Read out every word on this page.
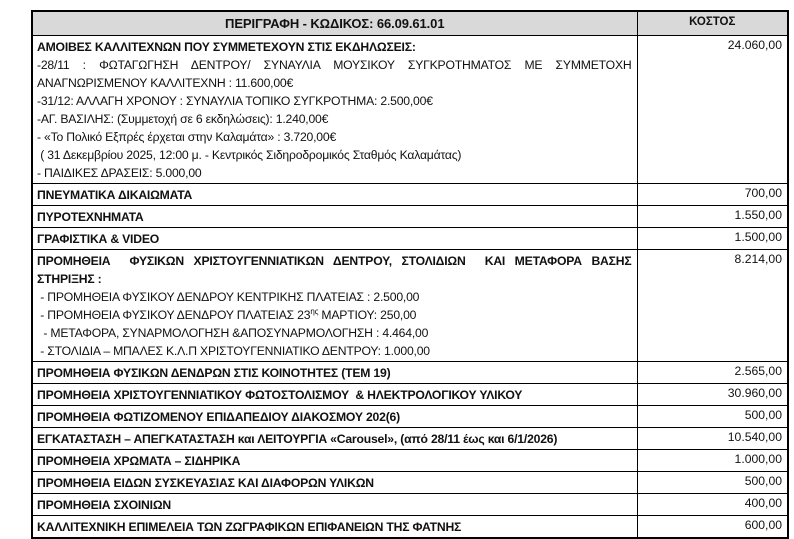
ΠΕΡΙΓΡΑΦΗ - ΚΩΔΙΚΟΣ: 66.09.61.01	ΚΟΣΤΟΣ

ΑΜΟΙΒΕΣ ΚΑΛΛΙΤΕΧΝΩΝ ΠΟΥ ΣΥΜΜΕΤΕΧΟΥΝ ΣΤΙΣ ΕΚΔΗΛΩΣΕΙΣ:
-28/11 : ΦΩΤΑΓΩΓΗΣΗ ΔΕΝΤΡΟΥ/ ΣΥΝΑΥΛΙΑ ΜΟΥΣΙΚΟΥ ΣΥΓΚΡΟΤΗΜΑΤΟΣ ΜΕ ΣΥΜΜΕΤΟΧΗ ΑΝΑΓΝΩΡΙΣΜΕΝΟΥ ΚΑΛΛΙΤΕΧΝΗ : 11.600,00€
-31/12: ΑΛΛΑΓΗ ΧΡΟΝΟΥ : ΣΥΝΑΥΛΙΑ ΤΟΠΙΚΟ ΣΥΓΚΡΟΤΗΜΑ: 2.500,00€
-ΑΓ. ΒΑΣΙΛΗΣ: (Συμμετοχή σε 6 εκδηλώσεις): 1.240,00€
- «Το Πολικό Εξπρές έρχεται στην Καλαμάτα» : 3.720,00€
( 31 Δεκεμβρίου 2025, 12:00 μ. - Κεντρικός Σιδηροδρομικός Σταθμός Καλαμάτας)
- ΠΑΙΔΙΚΕΣ ΔΡΑΣΕΙΣ: 5.000,00
	24.060,00

ΠΝΕΥΜΑΤΙΚΑ ΔΙΚΑΙΩΜΑΤΑ	700,00

ΠΥΡΟΤΕΧΝΗΜΑΤΑ	1.550,00

ΓΡΑΦΙΣΤΙΚΑ & VIDEO	1.500,00

ΠΡΟΜΗΘΕΙΑ  ΦΥΣΙΚΩΝ ΧΡΙΣΤΟΥΓΕΝΝΙΑΤΙΚΩΝ ΔΕΝΤΡΟΥ, ΣΤΟΛΙΔΙΩΝ  ΚΑΙ ΜΕΤΑΦΟΡΑ ΒΑΣΗΣ ΣΤΗΡΙΞΗΣ :
- ΠΡΟΜΗΘΕΙΑ ΦΥΣΙΚΟΥ ΔΕΝΔΡΟΥ ΚΕΝΤΡΙΚΗΣ ΠΛΑΤΕΙΑΣ : 2.500,00
- ΠΡΟΜΗΘΕΙΑ ΦΥΣΙΚΟΥ ΔΕΝΔΡΟΥ ΠΛΑΤΕΙΑΣ $23^{\eta\varsigma}$ ΜΑΡΤΙΟΥ: 250,00
- ΜΕΤΑΦΟΡΑ, ΣΥΝΑΡΜΟΛΟΓΗΣΗ &ΑΠΟΣΥΝΑΡΜΟΛΟΓΗΣΗ : 4.464,00
- ΣΤΟΛΙΔΙΑ – ΜΠΑΛΕΣ Κ.Λ.Π ΧΡΙΣΤΟΥΓΕΝΝΙΑΤΙΚΟ ΔΕΝΤΡΟΥ: 1.000,00	8.214,00

ΠΡΟΜΗΘΕΙΑ ΦΥΣΙΚΩΝ ΔΕΝΔΡΩΝ ΣΤΙΣ ΚΟΙΝΟΤΗΤΕΣ (ΤΕΜ 19)	2.565,00

ΠΡΟΜΗΘΕΙΑ ΧΡΙΣΤΟΥΓΕΝΝΙΑΤΙΚΟΥ ΦΩΤΟΣΤΟΛΙΣΜΟΥ  & ΗΛΕΚΤΡΟΛΟΓΙΚΟΥ ΥΛΙΚΟΥ	30.960,00

ΠΡΟΜΗΘΕΙΑ ΦΩΤΙΖΟΜΕΝΟΥ ΕΠΙΔΑΠΕΔΙΟΥ ΔΙΑΚΟΣΜΟΥ 202(6)	500,00

ΕΓΚΑΤΑΣΤΑΣΗ – ΑΠΕΓΚΑΤΑΣΤΑΣΗ και ΛΕΙΤΟΥΡΓΙΑ «Carousel», (από 28/11 έως και 6/1/2026)	10.540,00

ΠΡΟΜΗΘΕΙΑ ΧΡΩΜΑΤΑ – ΣΙΔΗΡΙΚΑ	1.000,00

ΠΡΟΜΗΘΕΙΑ ΕΙΔΩΝ ΣΥΣΚΕΥΑΣΙΑΣ ΚΑΙ ΔΙΑΦΟΡΩΝ ΥΛΙΚΩΝ	500,00

ΠΡΟΜΗΘΕΙΑ ΣΧΟΙΝΙΩΝ	400,00

ΚΑΛΛΙΤΕΧΝΙΚΗ ΕΠΙΜΕΛΕΙΑ ΤΩΝ ΖΩΓΡΑΦΙΚΩΝ ΕΠΙΦΑΝΕΙΩΝ ΤΗΣ ΦΑΤΝΗΣ	600,00
